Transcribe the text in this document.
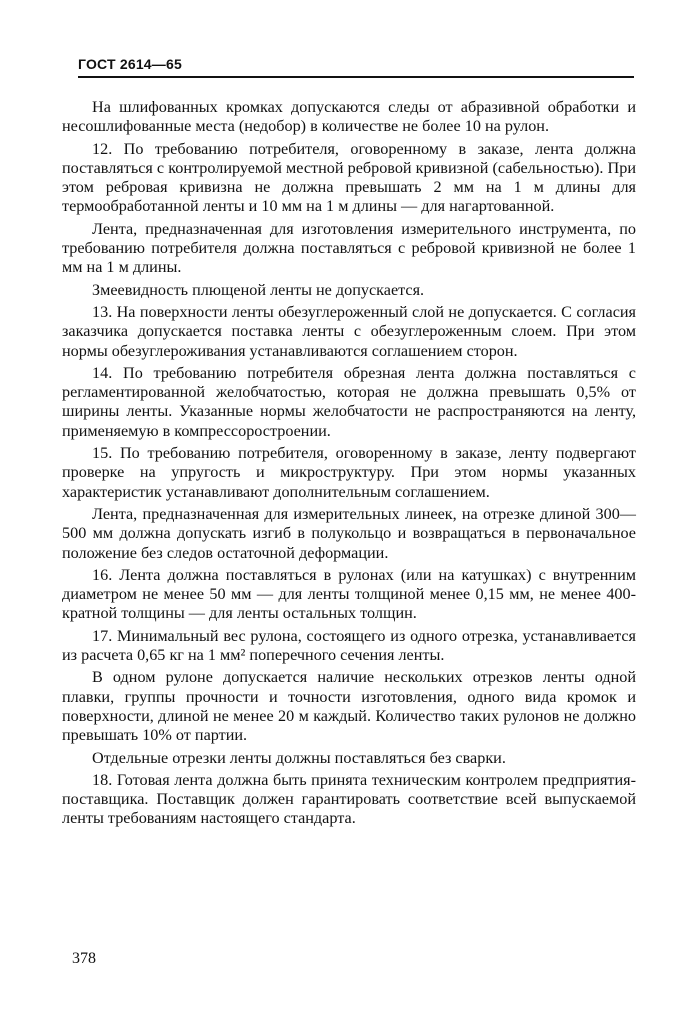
ГОСТ 2614—65

На шлифованных кромках допускаются следы от абразивной обработки и несошлифованные места (недобор) в количестве не более 10 на рулон.

12. По требованию потребителя, оговоренному в заказе, лента должна поставляться с контролируемой местной ребровой кривизной (сабельностью). При этом ребровая кривизна не должна превышать 2 мм на 1 м длины для термообработанной ленты и 10 мм на 1 м длины — для нагартованной.

Лента, предназначенная для изготовления измерительного инструмента, по требованию потребителя должна поставляться с ребровой кривизной не более 1 мм на 1 м длины.

Змеевидность плющеной ленты не допускается.

13. На поверхности ленты обезуглероженный слой не допускается. С согласия заказчика допускается поставка ленты с обезуглероженным слоем. При этом нормы обезуглероживания устанавливаются соглашением сторон.

14. По требованию потребителя обрезная лента должна поставляться с регламентированной желобчатостью, которая не должна превышать 0,5% от ширины ленты. Указанные нормы желобчатости не распространяются на ленту, применяемую в компрессоростроении.

15. По требованию потребителя, оговоренному в заказе, ленту подвергают проверке на упругость и микроструктуру. При этом нормы указанных характеристик устанавливают дополнительным соглашением.

Лента, предназначенная для измерительных линеек, на отрезке длиной 300—500 мм должна допускать изгиб в полукольцо и возвращаться в первоначальное положение без следов остаточной деформации.

16. Лента должна поставляться в рулонах (или на катушках) с внутренним диаметром не менее 50 мм — для ленты толщиной менее 0,15 мм, не менее 400-кратной толщины — для ленты остальных толщин.

17. Минимальный вес рулона, состоящего из одного отрезка, устанавливается из расчета 0,65 кг на 1 мм² поперечного сечения ленты.

В одном рулоне допускается наличие нескольких отрезков ленты одной плавки, группы прочности и точности изготовления, одного вида кромок и поверхности, длиной не менее 20 м каждый. Количество таких рулонов не должно превышать 10% от партии.

Отдельные отрезки ленты должны поставляться без сварки.

18. Готовая лента должна быть принята техническим контролем предприятия-поставщика. Поставщик должен гарантировать соответствие всей выпускаемой ленты требованиям настоящего стандарта.

378
